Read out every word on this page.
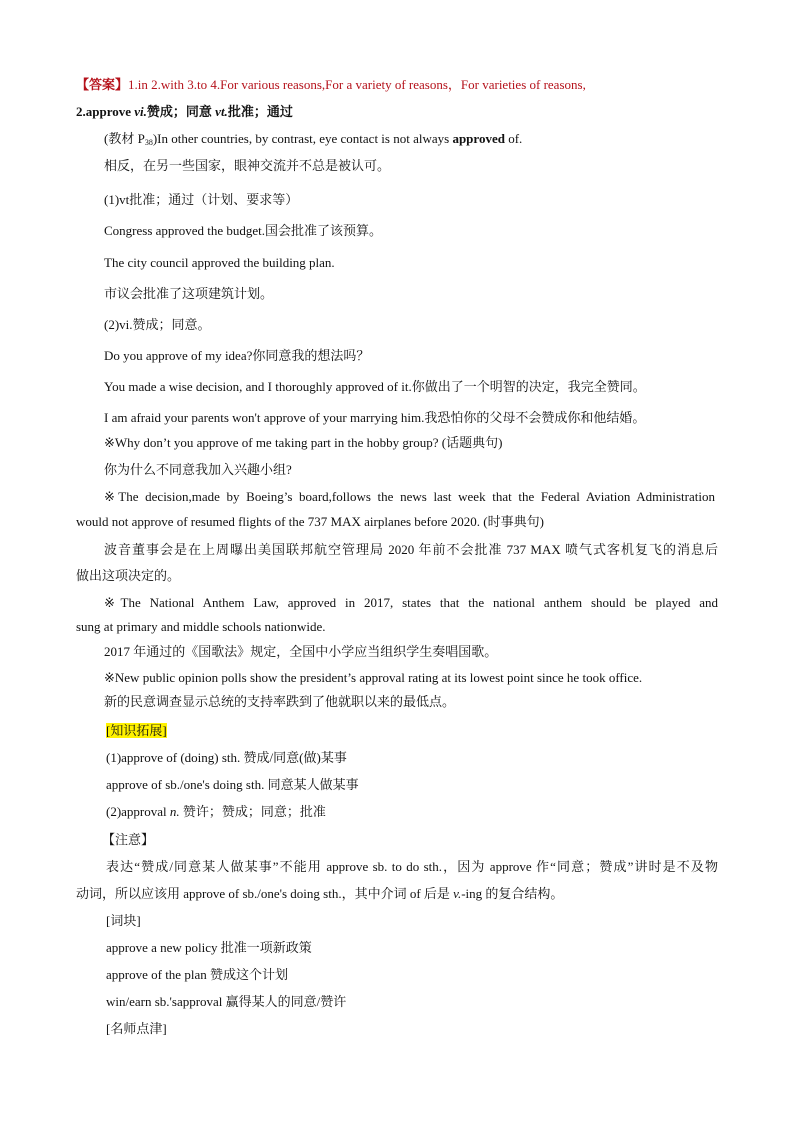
【答案】1.in 2.with 3.to 4.For various reasons,For a variety of reasons，For varieties of reasons,
2.approve vi.赞成；同意 vt.批准；通过
(教材 $P_{38})In$ other countries, by contrast, eye contact is not always approved of.
相反，在另一些国家，眼神交流并不总是被认可。
(1)vt批准；通过（计划、要求等）
Congress approved the budget.国会批准了该预算。
The city council approved the building plan.
市议会批准了这项建筑计划。
(2)vi.赞成；同意。
Do you approve of my idea?你同意我的想法吗？
You made a wise decision, and I thoroughly approved of it.你做出了一个明智的决定，我完全赞同。
I am afraid your parents won't approve of your marrying him.我恐怕你的父母不会赞成你和他结婚。
※Why don’t you approve of me taking part in the hobby group? (话题典句)
你为什么不同意我加入兴趣小组?
※The decision,made by Boeing’s board,follows the news last week that the Federal Aviation Administration
would not approve of resumed flights of the 737 MAX airplanes before 2020. (时事典句)
波音董事会是在上周曝出美国联邦航空管理局 2020 年前不会批准 737 MAX 喷气式客机复飞的消息后
做出这项决定的。
※The National Anthem Law, approved in 2017, states that the national anthem should be played and
sung at primary and middle schools nationwide.
2017 年通过的《国歌法》规定，全国中小学应当组织学生奏唱国歌。
※New public opinion polls show the president’s approval rating at its lowest point since he took office.
新的民意调查显示总统的支持率跌到了他就职以来的最低点。
[知识拓展]
(1)approve of (doing) sth. 赞成/同意(做)某事
approve of sb./one's doing sth. 同意某人做某事
(2)approval n. 赞许；赞成；同意；批准
【注意】
表达“赞成/同意某人做某事”不能用 approve sb. to do sth.，因为 approve 作“同意；赞成”讲时是不及物
动词，所以应该用 approve of sb./one's doing sth.，其中介词 of 后是 v.-ing 的复合结构。
[词块]
approve a new policy 批准一项新政策
approve of the plan 赞成这个计划
win/earn sb.'sapproval 赢得某人的同意/赞许
[名师点津]
